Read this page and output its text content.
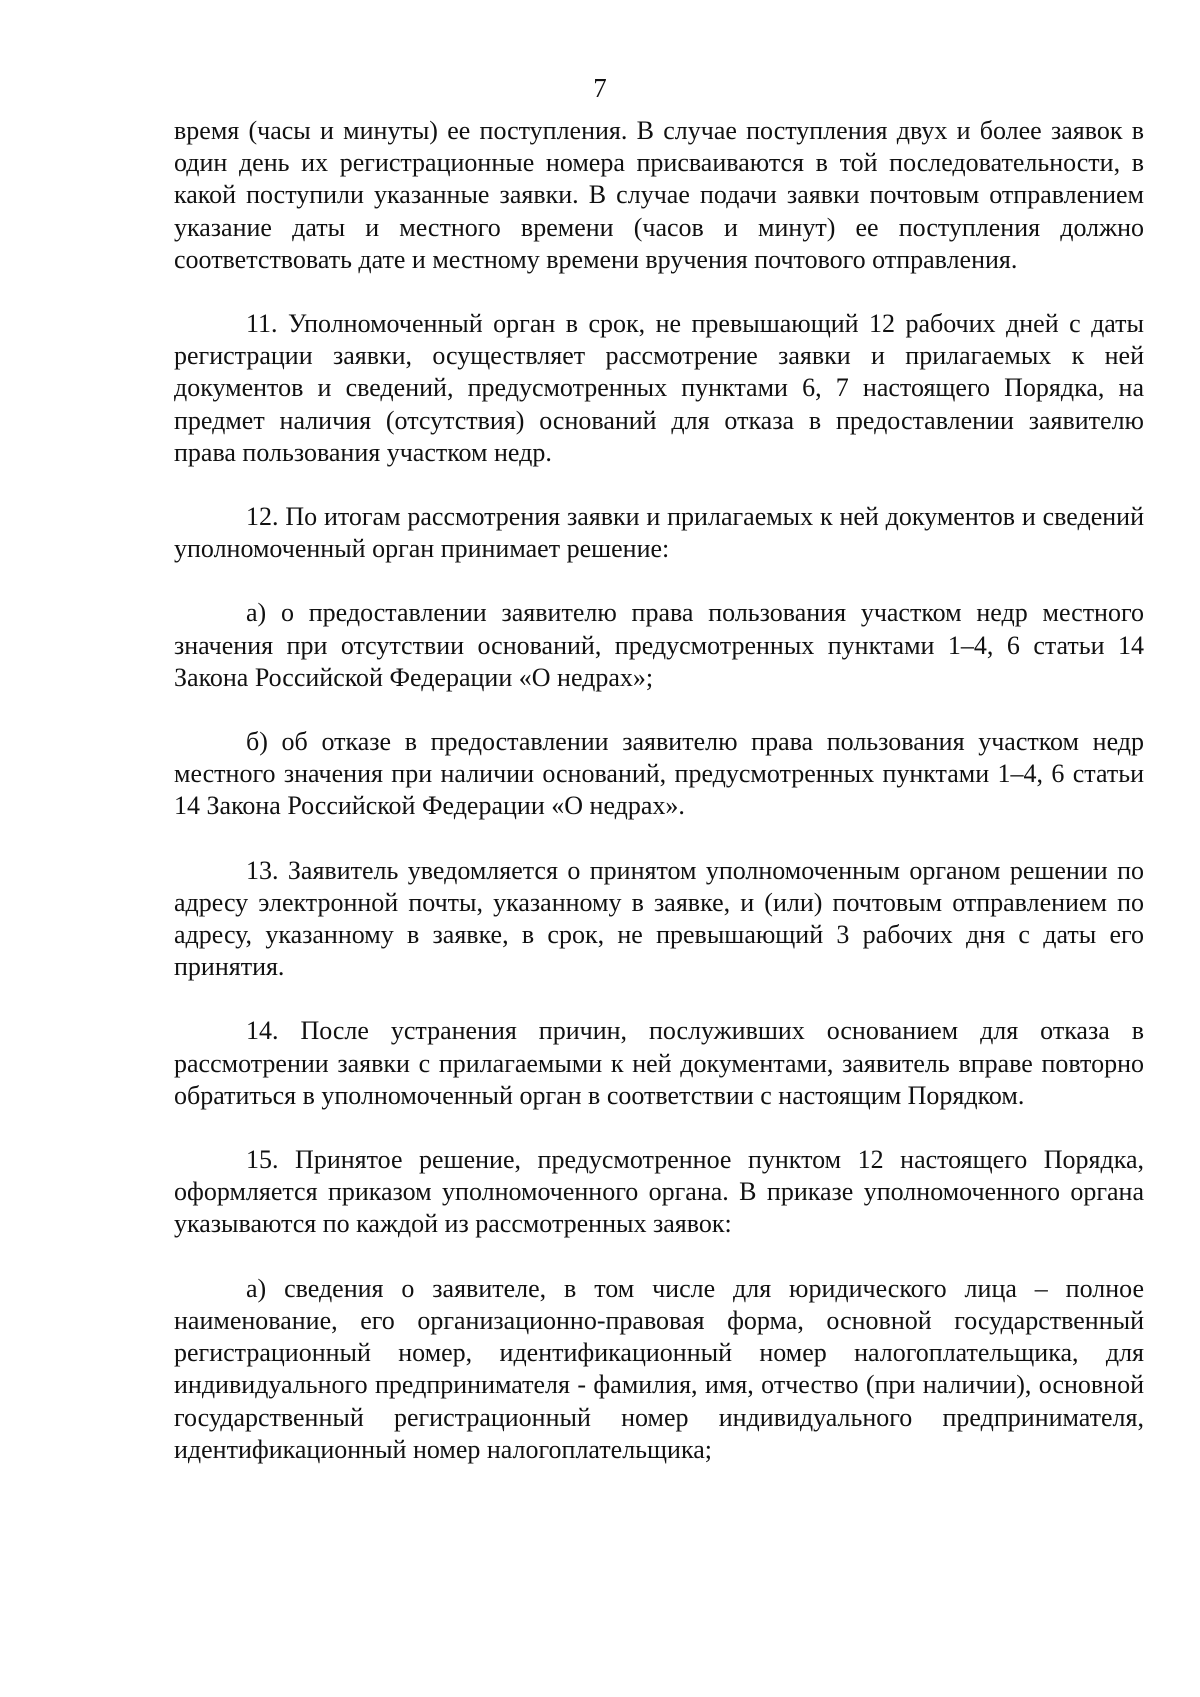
7

время (часы и минуты) ее поступления. В случае поступления двух и более заявок в один день их регистрационные номера присваиваются в той последовательности, в какой поступили указанные заявки. В случае подачи заявки почтовым отправлением указание даты и местного времени (часов и минут) ее поступления должно соответствовать дате и местному времени вручения почтового отправления.

11. Уполномоченный орган в срок, не превышающий 12 рабочих дней с даты регистрации заявки, осуществляет рассмотрение заявки и прилагаемых к ней документов и сведений, предусмотренных пунктами 6, 7 настоящего Порядка, на предмет наличия (отсутствия) оснований для отказа в предоставлении заявителю права пользования участком недр.

12. По итогам рассмотрения заявки и прилагаемых к ней документов и сведений уполномоченный орган принимает решение:

а) о предоставлении заявителю права пользования участком недр местного значения при отсутствии оснований, предусмотренных пунктами 1–4, 6 статьи 14 Закона Российской Федерации «О недрах»;

б) об отказе в предоставлении заявителю права пользования участком недр местного значения при наличии оснований, предусмотренных пунктами 1–4, 6 статьи 14 Закона Российской Федерации «О недрах».

13. Заявитель уведомляется о принятом уполномоченным органом решении по адресу электронной почты, указанному в заявке, и (или) почтовым отправлением по адресу, указанному в заявке, в срок, не превышающий 3 рабочих дня с даты его принятия.

14. После устранения причин, послуживших основанием для отказа в рассмотрении заявки с прилагаемыми к ней документами, заявитель вправе повторно обратиться в уполномоченный орган в соответствии с настоящим Порядком.

15. Принятое решение, предусмотренное пунктом 12 настоящего Порядка, оформляется приказом уполномоченного органа. В приказе уполномоченного органа указываются по каждой из рассмотренных заявок:

а) сведения о заявителе, в том числе для юридического лица – полное наименование, его организационно-правовая форма, основной государственный регистрационный номер, идентификационный номер налогоплательщика, для индивидуального предпринимателя - фамилия, имя, отчество (при наличии), основной государственный регистрационный номер индивидуального предпринимателя, идентификационный номер налогоплательщика;
